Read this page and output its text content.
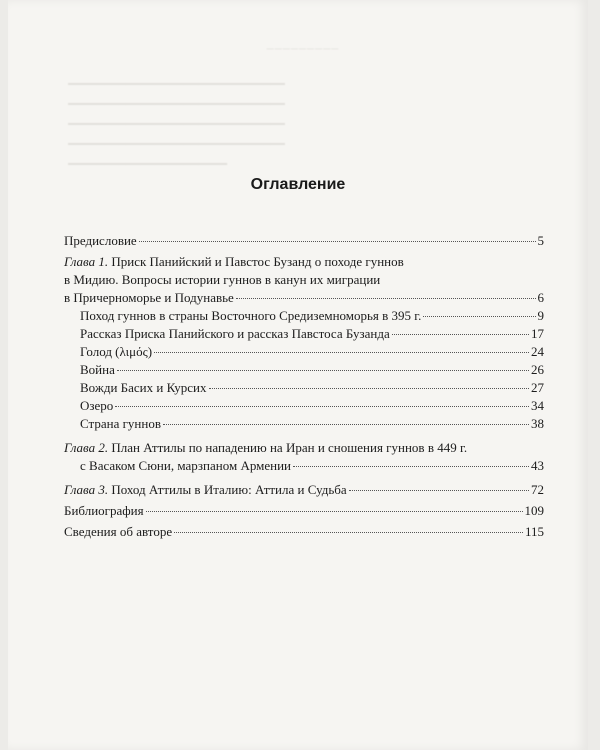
─────────
━━━━━━━━━━━━━━━━━━━━━━━━━━━━━━
━━━━━━━━━━━━━━━━━━━━━━━━━━━━━━
━━━━━━━━━━━━━━━━━━━━━━━━━━━━━━
━━━━━━━━━━━━━━━━━━━━━━━━━━━━━━
━━━━━━━━━━━━━━━━━━━━━━
Оглавление
Предисловие	5
Глава 1. Приск Панийский и Павстос Бузанд о походе гуннов
в Мидию. Вопросы истории гуннов в канун их миграции
в Причерноморье и Подунавье	6
Поход гуннов в страны Восточного Средиземноморья в 395 г.	9
Рассказ Приска Панийского и рассказ Павстоса Бузанда	17
Голод (λιμός)	24
Война	26
Вожди Басих и Курсих	27
Озеро	34
Страна гуннов	38
Глава 2. План Аттилы по нападению на Иран и сношения гуннов в 449 г.
с Васаком Сюни, марзпаном Армении	43
Глава 3. Поход Аттилы в Италию: Аттила и Судьба	72
Библиография	109
Сведения об авторе	115
